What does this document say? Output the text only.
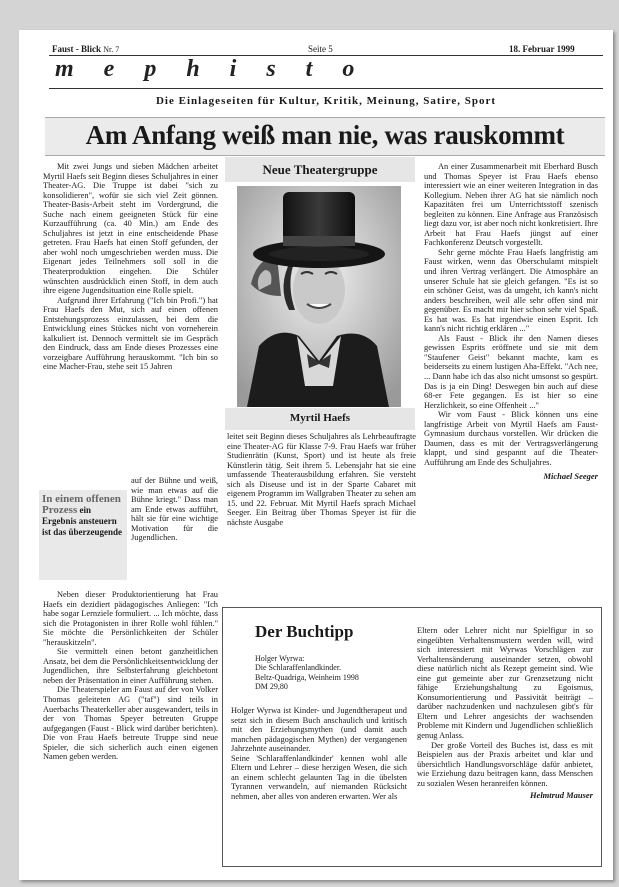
Faust - Blick Nr. 7	Seite 5	18. Februar 1999
mephisto
Die Einlageseiten für Kultur, Kritik, Meinung, Satire, Sport
Am Anfang weiß man nie, was rauskommt

Mit zwei Jungs und sieben Mädchen arbeitet Myrtil Haefs seit Beginn dieses Schuljahres in einer Theater-AG. Die Truppe ist dabei "sich zu konsolidieren", wofür sie sich viel Zeit gönnen. Theater-Basis-Arbeit steht im Vordergrund, die Suche nach einem geeigneten Stück für eine Kurzaufführung (ca. 40 Min.) am Ende des Schuljahres ist jetzt in eine entscheidende Phase getreten. Frau Haefs hat einen Stoff gefunden, der aber wohl noch umgeschrieben werden muss. Die Eigenart jedes Teilnehmers soll soll in die Theaterproduktion eingehen. Die Schüler wünschten ausdrücklich einen Stoff, in dem auch ihre eigene Jugendsituation eine Rolle spielt.

Aufgrund ihrer Erfahrung ("Ich bin Profi.") hat Frau Haefs den Mut, sich auf einen offenen Entstehungsprozess einzulassen, bei dem die Entwicklung eines Stückes nicht von vorneherein kalkuliert ist. Dennoch vermittelt sie im Gespräch den Eindruck, dass am Ende dieses Prozesses eine vorzeigbare Aufführung herauskommt. "Ich bin so eine Macher-Frau, stehe seit 15 Jahren

auf der Bühne und weiß, wie man etwas auf die Bühne kriegt." Dass man am Ende etwas aufführt, hält sie für eine wichtige Motivation für die Jugendlichen.

In einem offenen Prozess ein Ergebnis ansteuern ist das überzeugende

Neben dieser Produktorientierung hat Frau Haefs ein dezidiert pädagogisches Anliegen: "Ich habe sogar Lernziele formuliert. ... Ich möchte, dass sich die Protagonisten in ihrer Rolle wohl fühlen." Sie möchte die Persönlichkeiten der Schüler "herauskitzeln".

Sie vermittelt einen betont ganzheitlichen Ansatz, bei dem die Persönlichkeitsentwicklung der Jugendlichen, ihre Selbsterfahrung gleichbetont neben der Präsentation in einer Aufführung stehen.

Die Theaterspieler am Faust auf der von Volker Thomas geleiteten AG ("taf") sind teils in Auerbachs Theaterkeller aber ausgewandert, teils in der von Thomas Speyer betreuten Gruppe aufgegangen (Faust - Blick wird darüber berichten). Die von Frau Haefs betreute Truppe sind neue Spieler, die sich sicherlich auch einen eigenen Namen geben werden.

Neue Theatergruppe
Myrtil Haefs
leitet seit Beginn dieses Schuljahres als Lehrbeauftragte eine Theater-AG für Klasse 7-9. Frau Haefs war früher Studienrätin (Kunst, Sport) und ist heute als freie Künstlerin tätig. Seit ihrem 5. Lebensjahr hat sie eine umfassende Theaterausbildung erfahren. Sie versteht sich als Diseuse und ist in der Sparte Cabaret mit eigenem Programm im Wallgraben Theater zu sehen am 15. und 22. Februar. Mit Myrtil Haefs sprach Michael Seeger. Ein Beitrag über Thomas Speyer ist für die nächste Ausgabe

An einer Zusammenarbeit mit Eberhard Busch und Thomas Speyer ist Frau Haefs ebenso interessiert wie an einer weiteren Integration in das Kollegium. Neben ihrer AG hat sie nämlich noch Kapazitäten frei um Unterrichtsstoff szenisch begleiten zu können. Eine Anfrage aus Französisch liegt dazu vor, ist aber noch nicht konkretisiert. Ihre Arbeit hat Frau Haefs jüngst auf einer Fachkonferenz Deutsch vorgestellt.

Sehr gerne möchte Frau Haefs langfristig am Faust wirken, wenn das Oberschulamt mitspielt und ihren Vertrag verlängert. Die Atmosphäre an unserer Schule hat sie gleich gefangen. "Es ist so ein schöner Geist, was da umgeht, ich kann's nicht anders beschreiben, weil alle sehr offen sind mir gegenüber. Es macht mir hier schon sehr viel Spaß. Es hat was. Es hat irgendwie einen Esprit. Ich kann's nicht richtig erklären ..."

Als Faust - Blick ihr den Namen dieses gewissen Esprits eröffnete und sie mit dem "Staufener Geist" bekannt machte, kam es beiderseits zu einem lustigen Aha-Effekt. "Ach nee, ... Dann habe ich das also nicht umsonst so gespürt. Das is ja ein Ding! Deswegen bin auch auf diese 68-er Fete gegangen. Es ist hier so eine Herzlichkeit, so eine Offenheit ..."

Wir vom Faust - Blick können uns eine langfristige Arbeit von Myrtil Haefs am Faust-Gymnasium durchaus vorstellen. Wir drücken die Daumen, dass es mit der Vertragsverlängerung klappt, und sind gespannt auf die Theater-Aufführung am Ende des Schuljahres.

Michael Seeger
Der Buchtipp
Holger Wyrwa:
Die Schlaraffenlandkinder.
Beltz-Quadriga, Weinheim 1998
DM 29,80

Holger Wyrwa ist Kinder- und Jugendtherapeut und setzt sich in diesem Buch anschaulich und kritisch mit den Erziehungsmythen (und damit auch manchen pädagogischen Mythen) der vergangenen Jahrzehnte auseinander.

Seine 'Schlaraffenlandkinder' kennen wohl alle Eltern und Lehrer – diese herzigen Wesen, die sich an einem schlecht gelaunten Tag in die übelsten Tyrannen verwandeln, auf niemanden Rücksicht nehmen, aber alles von anderen erwarten. Wer als

Eltern oder Lehrer nicht nur Spielfigur in so eingeübten Verhaltensmustern werden will, wird sich interessiert mit Wyrwas Vorschlägen zur Verhaltensänderung auseinander setzen, obwohl diese natürlich nicht als Rezept gemeint sind. Wie eine gut gemeinte aber zur Grenzsetzung nicht fähige Erziehungshaltung zu Egoismus, Konsumorientierung und Passivität beiträgt – darüber nachzudenken und nachzulesen gibt's für Eltern und Lehrer angesichts der wachsenden Probleme mit Kindern und Jugendlichen schließlich genug Anlass.

Der große Vorteil des Buches ist, dass es mit Beispielen aus der Praxis arbeitet und klar und übersichtlich Handlungsvorschläge dafür anbietet, wie Erziehung dazu beitragen kann, dass Menschen zu sozialen Wesen heranreifen können.

Helmtrud Mauser
